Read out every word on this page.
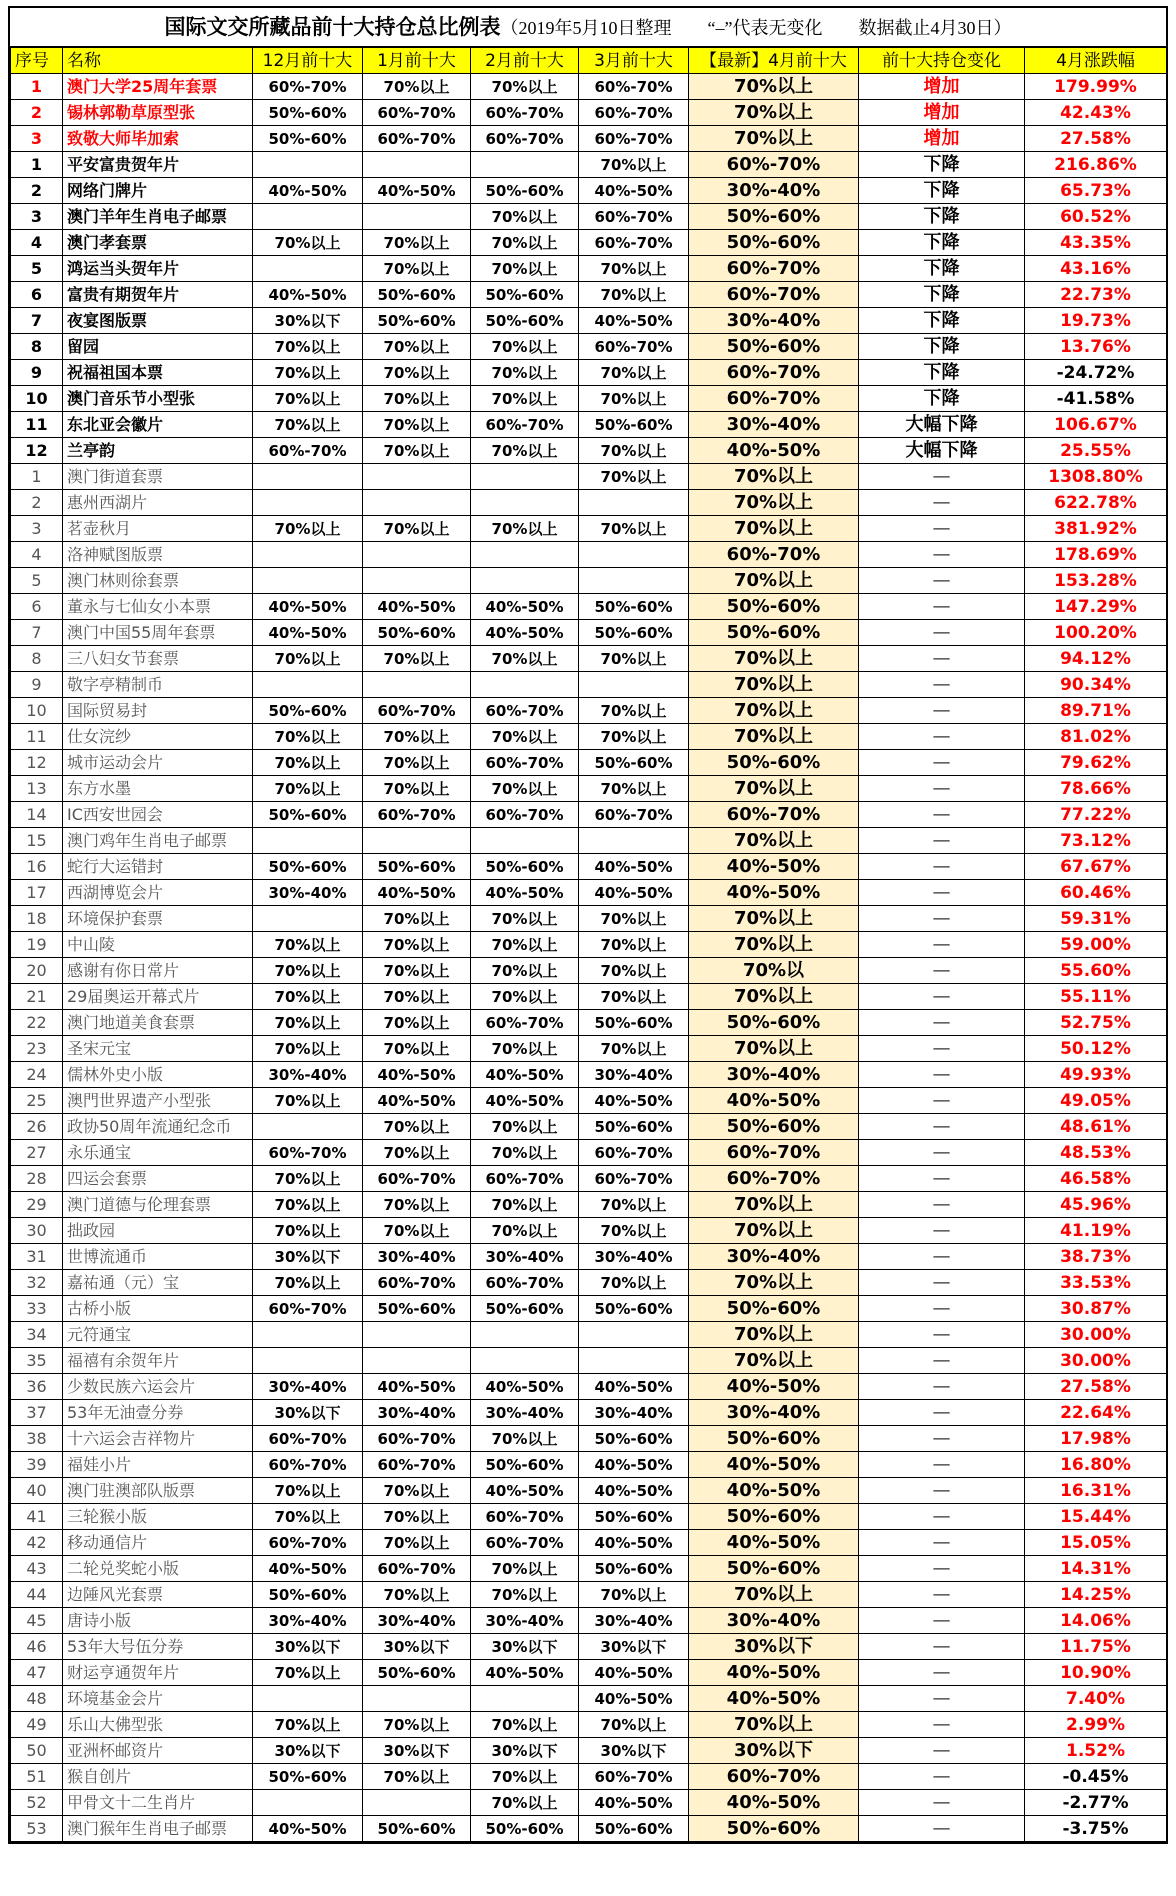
国际文交所藏品前十大持仓总比例表（2019年5月10日整理　　“–”代表无变化　　数据截止4月30日）
序号	名称	12月前十大	1月前十大	2月前十大	3月前十大	【最新】4月前十大	前十大持仓变化	4月涨跌幅
1	澳门大学25周年套票	60%-70%	70%以上	70%以上	60%-70%	70%以上	增加	179.99%
2	锡林郭勒草原型张	50%-60%	60%-70%	60%-70%	60%-70%	70%以上	增加	42.43%
3	致敬大师毕加索	50%-60%	60%-70%	60%-70%	60%-70%	70%以上	增加	27.58%
1	平安富贵贺年片				70%以上	60%-70%	下降	216.86%
2	网络门牌片	40%-50%	40%-50%	50%-60%	40%-50%	30%-40%	下降	65.73%
3	澳门羊年生肖电子邮票			70%以上	60%-70%	50%-60%	下降	60.52%
4	澳门孝套票	70%以上	70%以上	70%以上	60%-70%	50%-60%	下降	43.35%
5	鸿运当头贺年片		70%以上	70%以上	70%以上	60%-70%	下降	43.16%
6	富贵有期贺年片	40%-50%	50%-60%	50%-60%	70%以上	60%-70%	下降	22.73%
7	夜宴图版票	30%以下	50%-60%	50%-60%	40%-50%	30%-40%	下降	19.73%
8	留园	70%以上	70%以上	70%以上	60%-70%	50%-60%	下降	13.76%
9	祝福祖国本票	70%以上	70%以上	70%以上	70%以上	60%-70%	下降	-24.72%
10	澳门音乐节小型张	70%以上	70%以上	70%以上	70%以上	60%-70%	下降	-41.58%
11	东北亚会徽片	70%以上	70%以上	60%-70%	50%-60%	30%-40%	大幅下降	106.67%
12	兰亭韵	60%-70%	70%以上	70%以上	70%以上	40%-50%	大幅下降	25.55%
1	澳门街道套票				70%以上	70%以上	—	1308.80%
2	惠州西湖片					70%以上	—	622.78%
3	茗壶秋月	70%以上	70%以上	70%以上	70%以上	70%以上	—	381.92%
4	洛神赋图版票					60%-70%	—	178.69%
5	澳门林则徐套票					70%以上	—	153.28%
6	董永与七仙女小本票	40%-50%	40%-50%	40%-50%	50%-60%	50%-60%	—	147.29%
7	澳门中国55周年套票	40%-50%	50%-60%	40%-50%	50%-60%	50%-60%	—	100.20%
8	三八妇女节套票	70%以上	70%以上	70%以上	70%以上	70%以上	—	94.12%
9	敬字亭精制币					70%以上	—	90.34%
10	国际贸易封	50%-60%	60%-70%	60%-70%	70%以上	70%以上	—	89.71%
11	仕女浣纱	70%以上	70%以上	70%以上	70%以上	70%以上	—	81.02%
12	城市运动会片	70%以上	70%以上	60%-70%	50%-60%	50%-60%	—	79.62%
13	东方水墨	70%以上	70%以上	70%以上	70%以上	70%以上	—	78.66%
14	IC西安世园会	50%-60%	60%-70%	60%-70%	60%-70%	60%-70%	—	77.22%
15	澳门鸡年生肖电子邮票					70%以上	—	73.12%
16	蛇行大运错封	50%-60%	50%-60%	50%-60%	40%-50%	40%-50%	—	67.67%
17	西湖博览会片	30%-40%	40%-50%	40%-50%	40%-50%	40%-50%	—	60.46%
18	环境保护套票		70%以上	70%以上	70%以上	70%以上	—	59.31%
19	中山陵	70%以上	70%以上	70%以上	70%以上	70%以上	—	59.00%
20	感谢有你日常片	70%以上	70%以上	70%以上	70%以上	70%以	—	55.60%
21	29届奥运开幕式片	70%以上	70%以上	70%以上	70%以上	70%以上	—	55.11%
22	澳门地道美食套票	70%以上	70%以上	60%-70%	50%-60%	50%-60%	—	52.75%
23	圣宋元宝	70%以上	70%以上	70%以上	70%以上	70%以上	—	50.12%
24	儒林外史小版	30%-40%	40%-50%	40%-50%	30%-40%	30%-40%	—	49.93%
25	澳門世界遗产小型张	70%以上	40%-50%	40%-50%	40%-50%	40%-50%	—	49.05%
26	政协50周年流通纪念币		70%以上	70%以上	50%-60%	50%-60%	—	48.61%
27	永乐通宝	60%-70%	70%以上	70%以上	60%-70%	60%-70%	—	48.53%
28	四运会套票	70%以上	60%-70%	60%-70%	60%-70%	60%-70%	—	46.58%
29	澳门道德与伦理套票	70%以上	70%以上	70%以上	70%以上	70%以上	—	45.96%
30	拙政园	70%以上	70%以上	70%以上	70%以上	70%以上	—	41.19%
31	世博流通币	30%以下	30%-40%	30%-40%	30%-40%	30%-40%	—	38.73%
32	嘉祐通（元）宝	70%以上	60%-70%	60%-70%	70%以上	70%以上	—	33.53%
33	古桥小版	60%-70%	50%-60%	50%-60%	50%-60%	50%-60%	—	30.87%
34	元符通宝					70%以上	—	30.00%
35	福禧有余贺年片					70%以上	—	30.00%
36	少数民族六运会片	30%-40%	40%-50%	40%-50%	40%-50%	40%-50%	—	27.58%
37	53年无油壹分券	30%以下	30%-40%	30%-40%	30%-40%	30%-40%	—	22.64%
38	十六运会吉祥物片	60%-70%	60%-70%	70%以上	50%-60%	50%-60%	—	17.98%
39	福娃小片	60%-70%	60%-70%	50%-60%	40%-50%	40%-50%	—	16.80%
40	澳门驻澳部队版票	70%以上	70%以上	40%-50%	40%-50%	40%-50%	—	16.31%
41	三轮猴小版	70%以上	70%以上	60%-70%	50%-60%	50%-60%	—	15.44%
42	移动通信片	60%-70%	70%以上	60%-70%	40%-50%	40%-50%	—	15.05%
43	二轮兑奖蛇小版	40%-50%	60%-70%	70%以上	50%-60%	50%-60%	—	14.31%
44	边陲风光套票	50%-60%	70%以上	70%以上	70%以上	70%以上	—	14.25%
45	唐诗小版	30%-40%	30%-40%	30%-40%	30%-40%	30%-40%	—	14.06%
46	53年大号伍分券	30%以下	30%以下	30%以下	30%以下	30%以下	—	11.75%
47	财运亨通贺年片	70%以上	50%-60%	40%-50%	40%-50%	40%-50%	—	10.90%
48	环境基金会片				40%-50%	40%-50%	—	7.40%
49	乐山大佛型张	70%以上	70%以上	70%以上	70%以上	70%以上	—	2.99%
50	亚洲杯邮资片	30%以下	30%以下	30%以下	30%以下	30%以下	—	1.52%
51	猴自创片	50%-60%	70%以上	70%以上	60%-70%	60%-70%	—	-0.45%
52	甲骨文十二生肖片			70%以上	40%-50%	40%-50%	—	-2.77%
53	澳门猴年生肖电子邮票	40%-50%	50%-60%	50%-60%	50%-60%	50%-60%	—	-3.75%
